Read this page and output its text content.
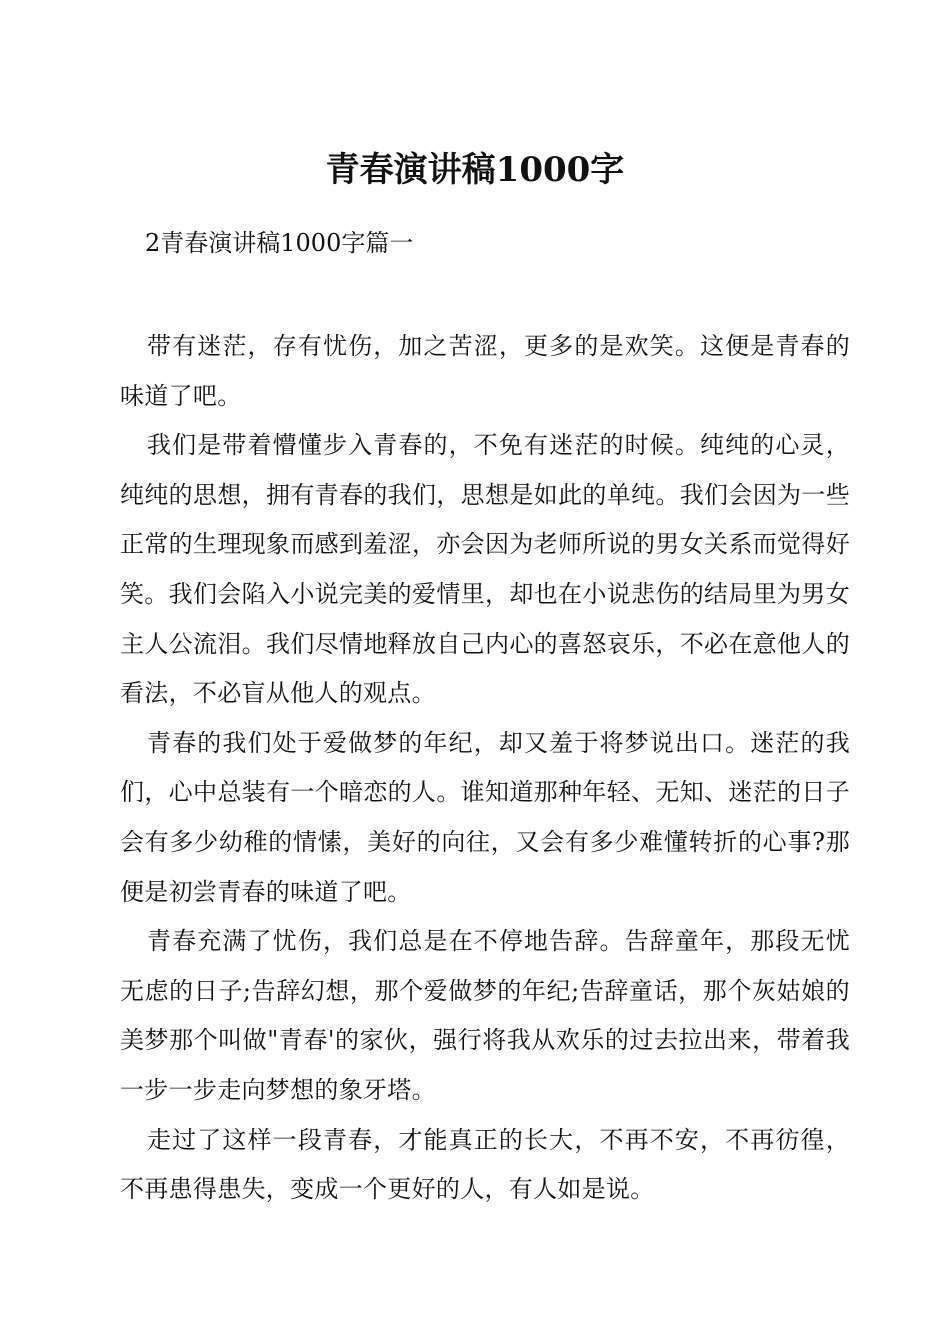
青春演讲稿1000字
2青春演讲稿1000字篇一

带有迷茫，存有忧伤，加之苦涩，更多的是欢笑。这便是青春的味道了吧。

我们是带着懵懂步入青春的，不免有迷茫的时候。纯纯的心灵，纯纯的思想，拥有青春的我们，思想是如此的单纯。我们会因为一些正常的生理现象而感到羞涩，亦会因为老师所说的男女关系而觉得好笑。我们会陷入小说完美的爱情里，却也在小说悲伤的结局里为男女主人公流泪。我们尽情地释放自己内心的喜怒哀乐，不必在意他人的看法，不必盲从他人的观点。

青春的我们处于爱做梦的年纪，却又羞于将梦说出口。迷茫的我们，心中总装有一个暗恋的人。谁知道那种年轻、无知、迷茫的日子会有多少幼稚的情愫，美好的向往，又会有多少难懂转折的心事?那便是初尝青春的味道了吧。

青春充满了忧伤，我们总是在不停地告辞。告辞童年，那段无忧无虑的日子;告辞幻想，那个爱做梦的年纪;告辞童话，那个灰姑娘的美梦那个叫做"青春'的家伙，强行将我从欢乐的过去拉出来，带着我一步一步走向梦想的象牙塔。

走过了这样一段青春，才能真正的长大，不再不安，不再彷徨，不再患得患失，变成一个更好的人，有人如是说。
